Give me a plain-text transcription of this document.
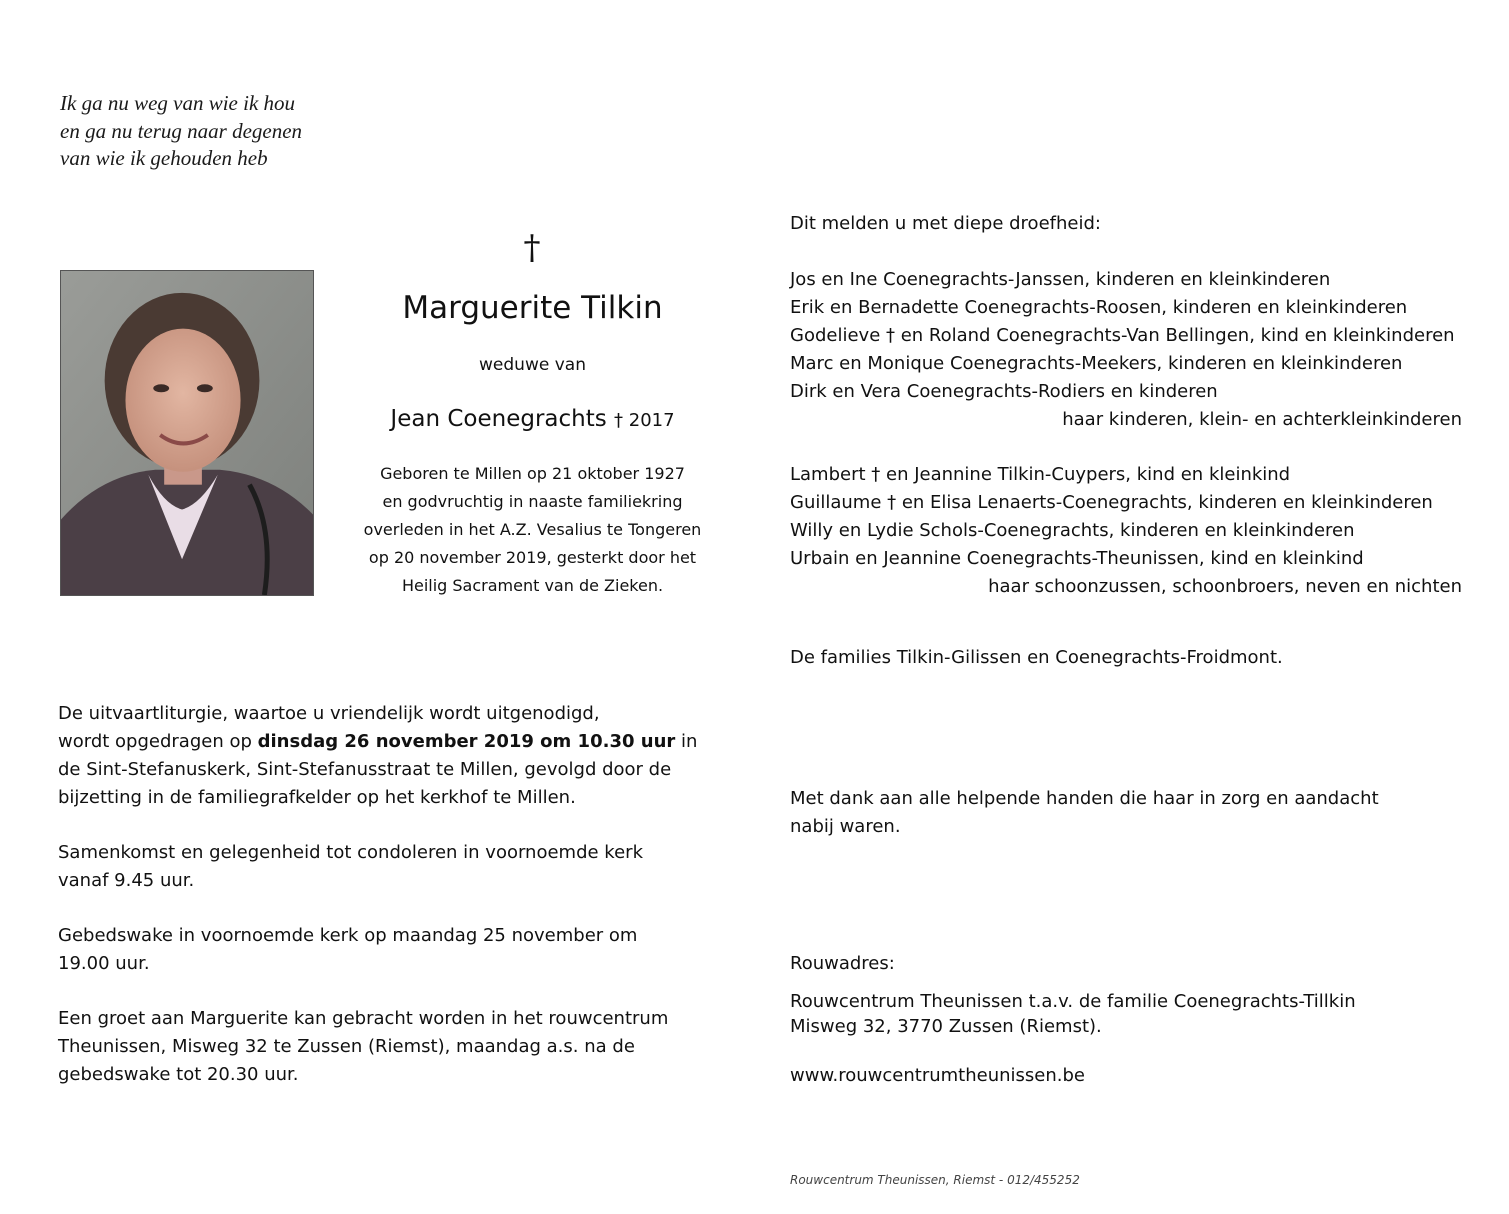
Ik ga nu weg van wie ik hou
en ga nu terug naar degenen
van wie ik gehouden heb
†
Marguerite Tilkin
weduwe van
Jean Coenegrachts † 2017
Geboren te Millen op 21 oktober 1927
en godvruchtig in naaste familiekring
overleden in het A.Z. Vesalius te Tongeren
op 20 november 2019, gesterkt door het
Heilig Sacrament van de Zieken.
De uitvaartliturgie, waartoe u vriendelijk wordt uitgenodigd,
wordt opgedragen op dinsdag 26 november 2019 om 10.30 uur in
de Sint-Stefanuskerk, Sint-Stefanusstraat te Millen, gevolgd door de
bijzetting in de familiegrafkelder op het kerkhof te Millen.
Samenkomst en gelegenheid tot condoleren in voornoemde kerk
vanaf 9.45 uur.
Gebedswake in voornoemde kerk op maandag 25 november om
19.00 uur.
Een groet aan Marguerite kan gebracht worden in het rouwcentrum
Theunissen, Misweg 32 te Zussen (Riemst), maandag a.s. na de
gebedswake tot 20.30 uur.
Dit melden u met diepe droefheid:
Jos en Ine Coenegrachts-Janssen, kinderen en kleinkinderen
Erik en Bernadette Coenegrachts-Roosen, kinderen en kleinkinderen
Godelieve † en Roland Coenegrachts-Van Bellingen, kind en kleinkinderen
Marc en Monique Coenegrachts-Meekers, kinderen en kleinkinderen
Dirk en Vera Coenegrachts-Rodiers en kinderen
haar kinderen, klein- en achterkleinkinderen
Lambert † en Jeannine Tilkin-Cuypers, kind en kleinkind
Guillaume † en Elisa Lenaerts-Coenegrachts, kinderen en kleinkinderen
Willy en Lydie Schols-Coenegrachts, kinderen en kleinkinderen
Urbain en Jeannine Coenegrachts-Theunissen, kind en kleinkind
haar schoonzussen, schoonbroers, neven en nichten
De families Tilkin-Gilissen en Coenegrachts-Froidmont.
Met dank aan alle helpende handen die haar in zorg en aandacht
nabij waren.
Rouwadres:
Rouwcentrum Theunissen t.a.v. de familie Coenegrachts-Tillkin
Misweg 32, 3770 Zussen (Riemst).
www.rouwcentrumtheunissen.be
Rouwcentrum Theunissen, Riemst - 012/455252
